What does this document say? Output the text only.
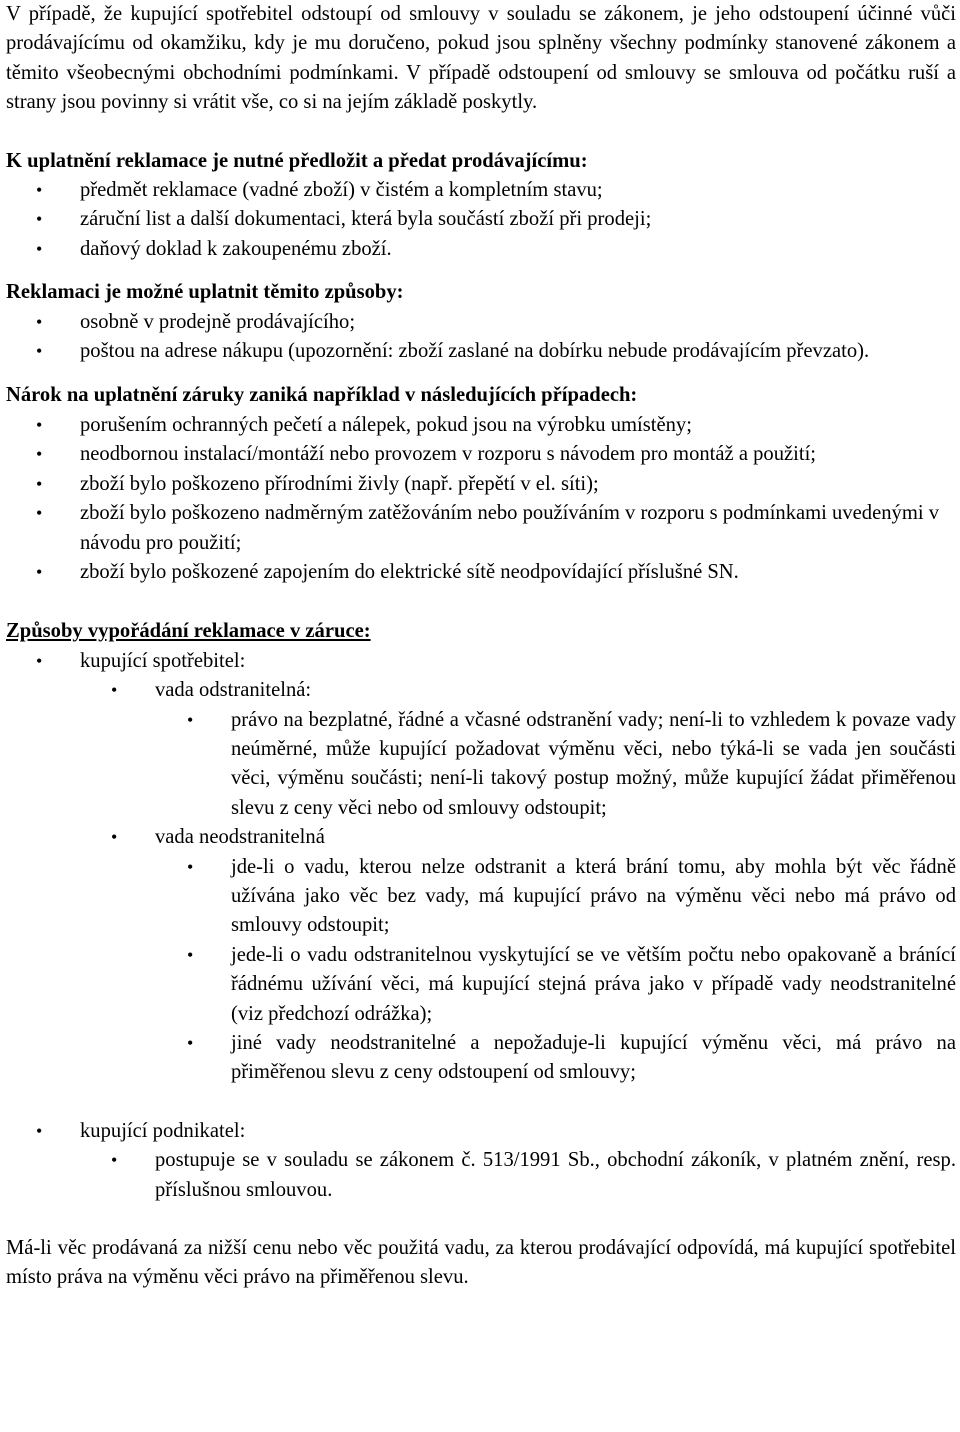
V případě, že kupující spotřebitel odstoupí od smlouvy v souladu se zákonem, je jeho odstoupení účinné vůči prodávajícímu od okamžiku, kdy je mu doručeno, pokud jsou splněny všechny podmínky stanovené zákonem a těmito všeobecnými obchodními podmínkami. V případě odstoupení od smlouvy se smlouva od počátku ruší a strany jsou povinny si vrátit vše, co si na jejím základě poskytly.

K uplatnění reklamace je nutné předložit a předat prodávajícímu:

• předmět reklamace (vadné zboží) v čistém a kompletním stavu;
• záruční list a další dokumentaci, která byla součástí zboží při prodeji;
• daňový doklad k zakoupenému zboží.

Reklamaci je možné uplatnit těmito způsoby:

• osobně v prodejně prodávajícího;
• poštou na adrese nákupu (upozornění: zboží zaslané na dobírku nebude prodávajícím převzato).

Nárok na uplatnění záruky zaniká například v následujících případech:

• porušením ochranných pečetí a nálepek, pokud jsou na výrobku umístěny;
• neodbornou instalací/montáží nebo provozem v rozporu s návodem pro montáž a použití;
• zboží bylo poškozeno přírodními živly (např. přepětí v el. síti);
• zboží bylo poškozeno nadměrným zatěžováním nebo používáním v rozporu s podmínkami uvedenými v návodu pro použití;
• zboží bylo poškozené zapojením do elektrické sítě neodpovídající příslušné SN.

Způsoby vypořádání reklamace v záruce:

• kupující spotřebitel:
• vada odstranitelná:
• právo na bezplatné, řádné a včasné odstranění vady; není-li to vzhledem k povaze vady neúměrné, může kupující požadovat výměnu věci, nebo týká-li se vada jen součásti věci, výměnu součásti; není-li takový postup možný, může kupující žádat přiměřenou slevu z ceny věci nebo od smlouvy odstoupit;
• vada neodstranitelná
• jde-li o vadu, kterou nelze odstranit a která brání tomu, aby mohla být věc řádně užívána jako věc bez vady, má kupující právo na výměnu věci nebo má právo od smlouvy odstoupit;
• jede-li o vadu odstranitelnou vyskytující se ve větším počtu nebo opakovaně a bránící řádnému užívání věci, má kupující stejná práva jako v případě vady neodstranitelné (viz předchozí odrážka);
• jiné vady neodstranitelné a nepožaduje-li kupující výměnu věci, má právo na přiměřenou slevu z ceny odstoupení od smlouvy;
• kupující podnikatel:
• postupuje se v souladu se zákonem č. 513/1991 Sb., obchodní zákoník, v platném znění, resp. příslušnou smlouvou.

Má-li věc prodávaná za nižší cenu nebo věc použitá vadu, za kterou prodávající odpovídá, má kupující spotřebitel místo práva na výměnu věci právo na přiměřenou slevu.
